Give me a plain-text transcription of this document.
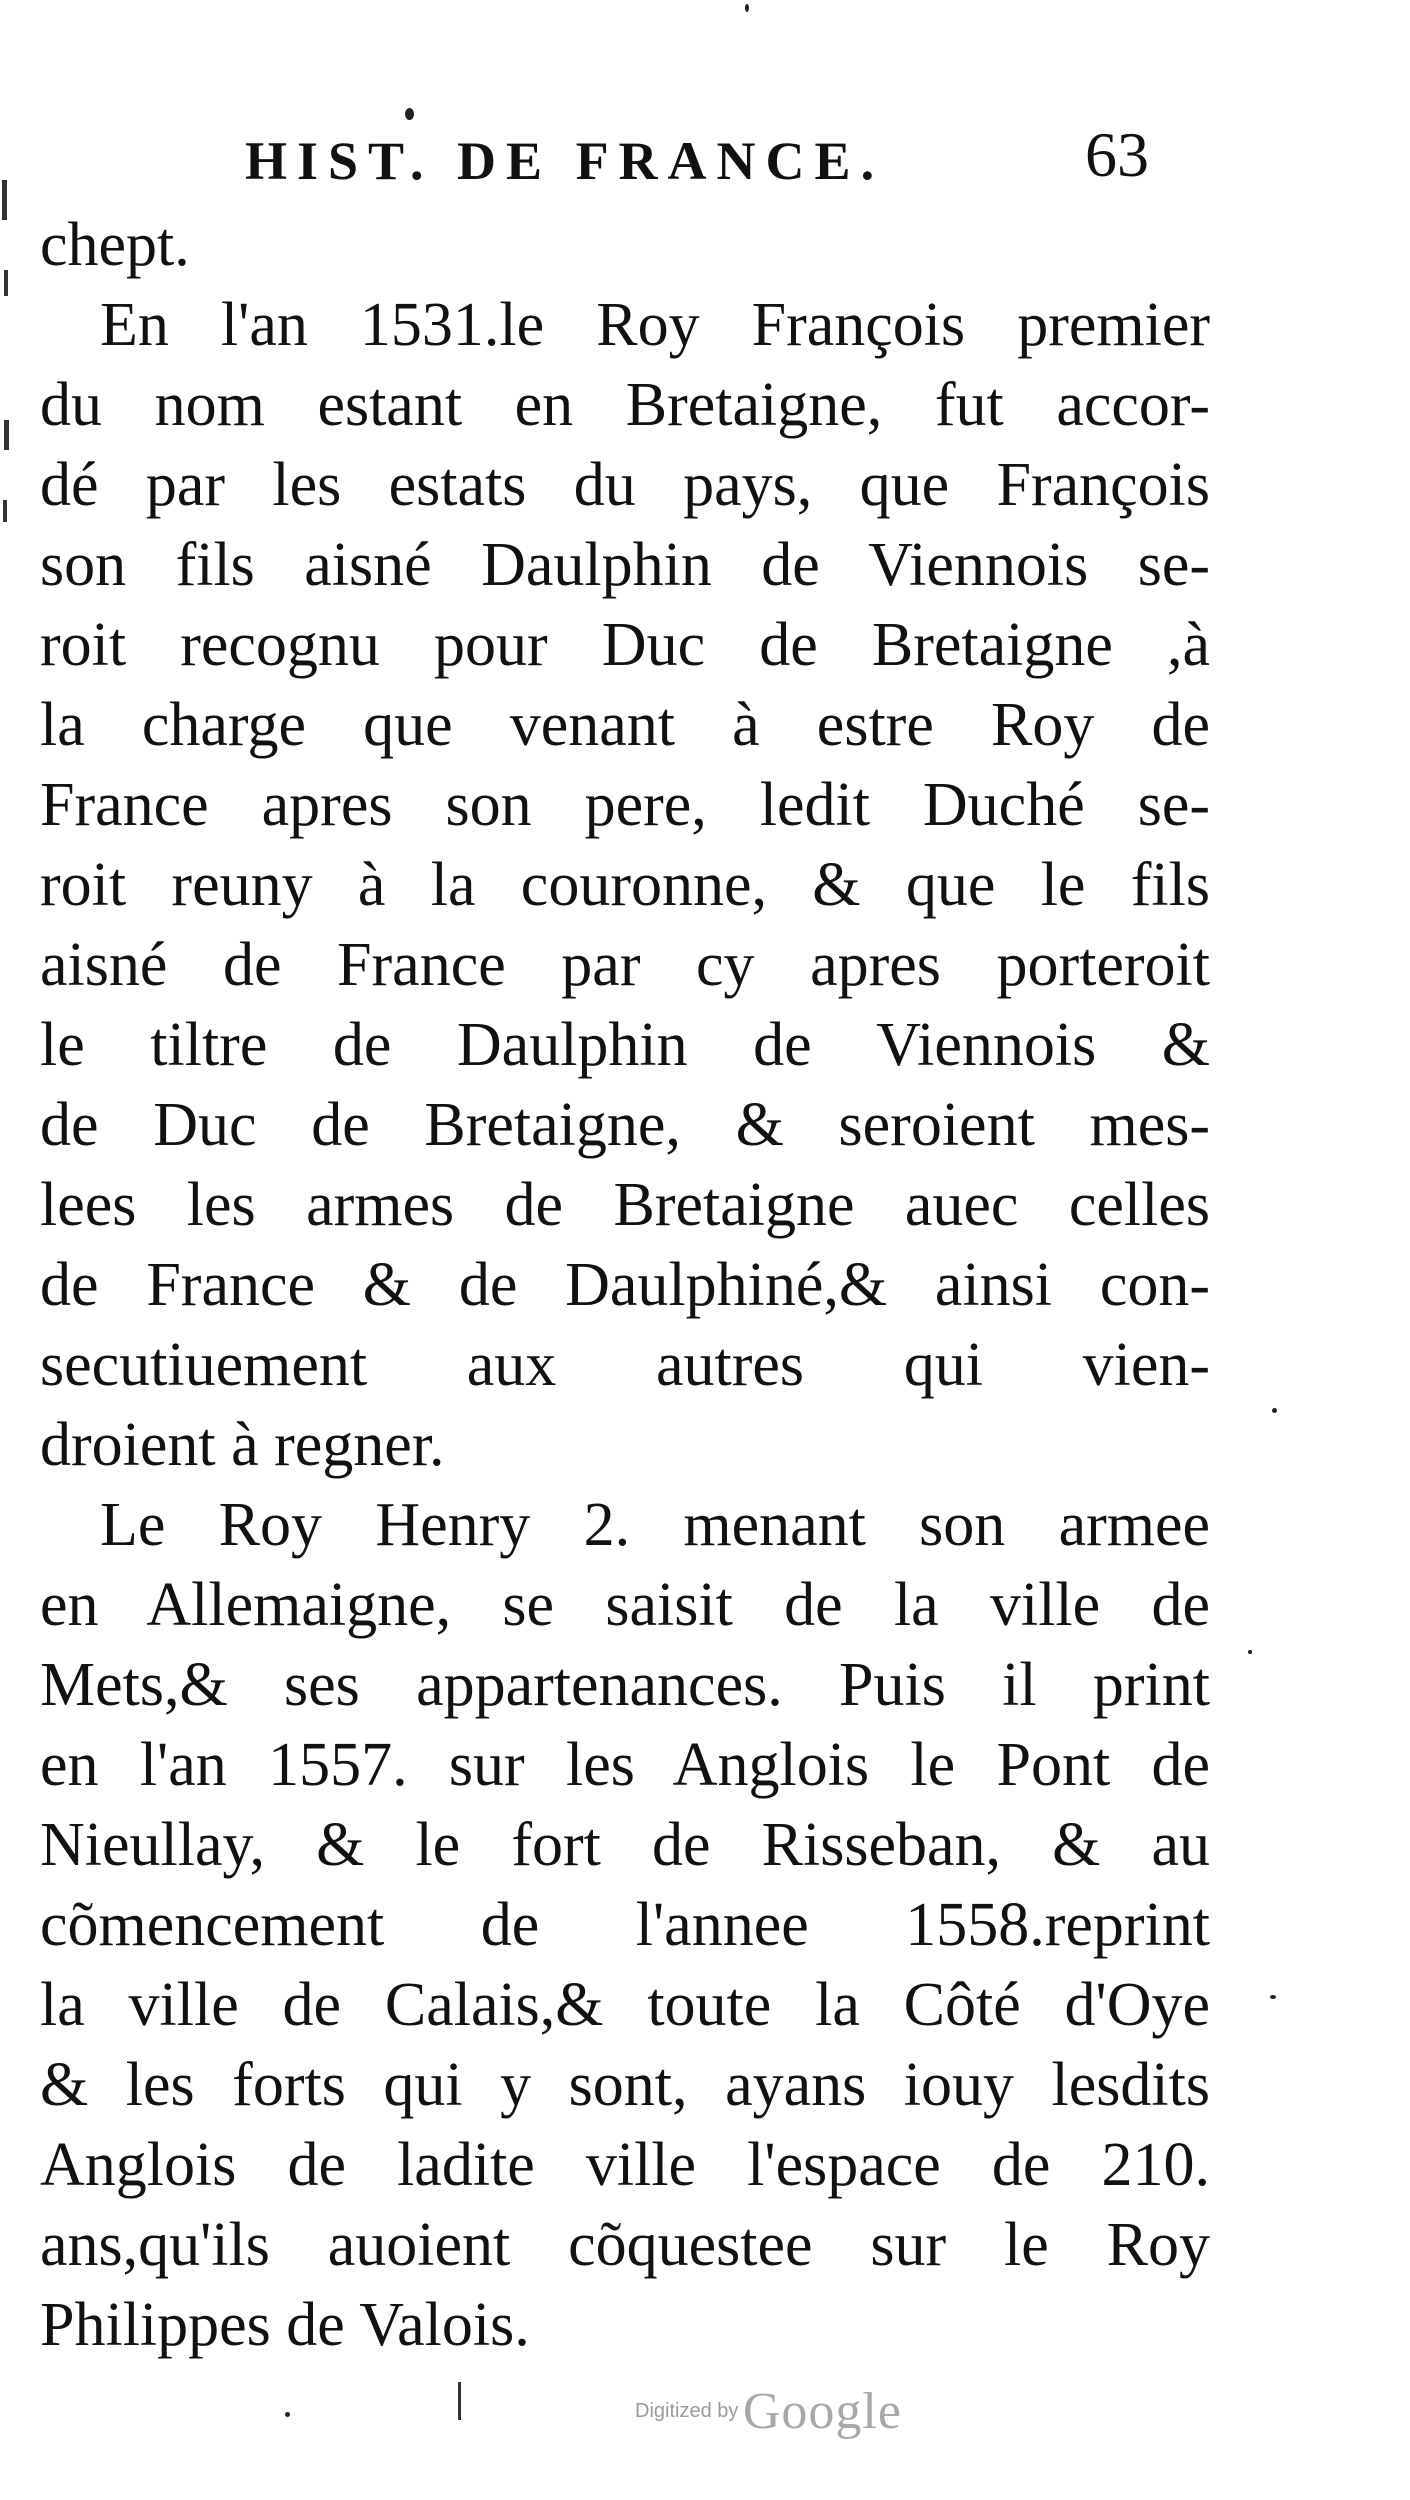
HIST. DE FRANCE.	63
chept.
En l'an 1531.le Roy François premier
du nom estant en Bretaigne, fut accor-
dé par les estats du pays, que François
son fils aisné Daulphin de Viennois se-
roit recognu pour Duc de Bretaigne ,à
la charge que venant à estre Roy de
France apres son pere, ledit Duché se-
roit reuny à la couronne, & que le fils
aisné de France par cy apres porteroit
le tiltre de Daulphin de Viennois &
de Duc de Bretaigne, & seroient mes-
lees les armes de Bretaigne auec celles
de France & de Daulphiné,& ainsi con-
secutiuement aux autres qui vien-
droient à regner.
Le Roy Henry 2. menant son armee
en Allemaigne, se saisit de la ville de
Mets,& ses appartenances. Puis il print
en l'an 1557. sur les Anglois le Pont de
Nieullay, & le fort de Risseban, & au
cõmencement de l'annee 1558.reprint
la ville de Calais,& toute la Côté d'Oye
& les forts qui y sont, ayans iouy lesdits
Anglois de ladite ville l'espace de 210.
ans,qu'ils auoient cõquestee sur le Roy
Philippes de Valois.
Digitized by Google
